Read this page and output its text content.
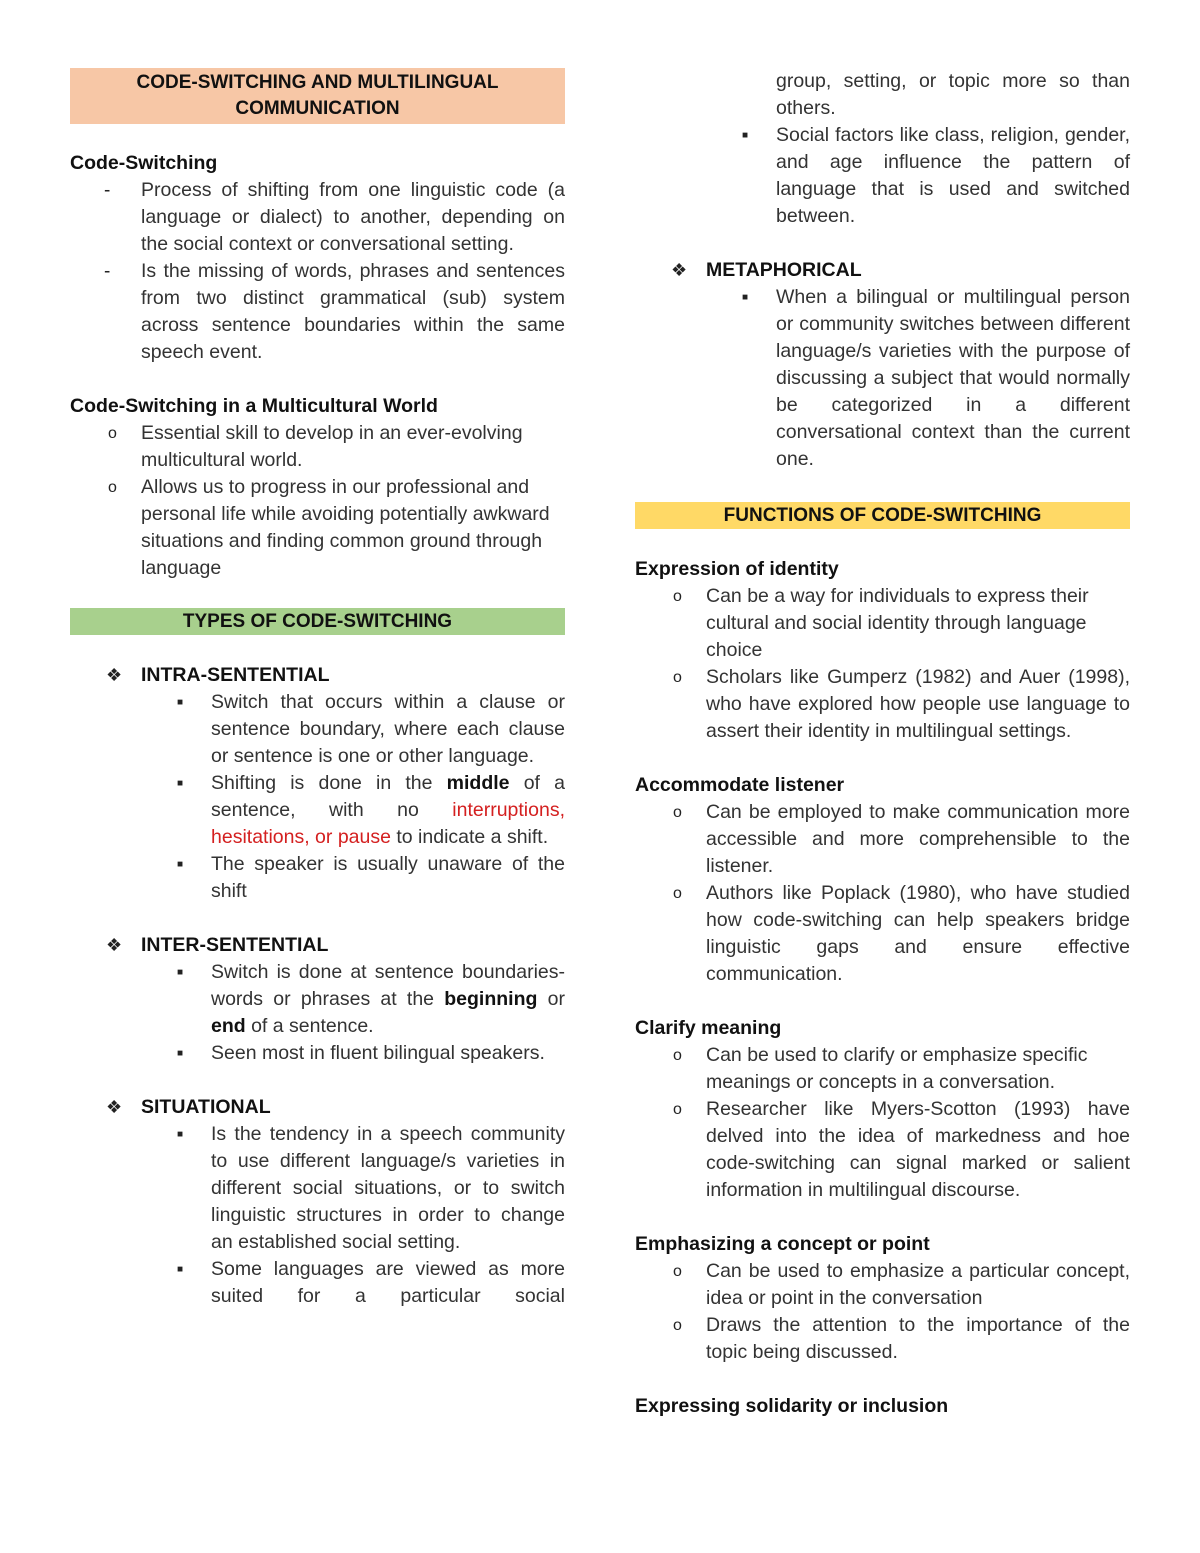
CODE-SWITCHING AND MULTILINGUAL
COMMUNICATION
Code-Switching
-	Process of shifting from one linguistic code (a language or dialect) to another, depending on the social context or conversational setting.
-	Is the missing of words, phrases and sentences from two distinct grammatical (sub) system across sentence boundaries within the same speech event.
Code-Switching in a Multicultural World
o	Essential skill to develop in an ever-evolving multicultural world.
o	Allows us to progress in our professional and personal life while avoiding potentially awkward situations and finding common ground through language
TYPES OF CODE-SWITCHING
❖ INTRA-SENTENTIAL
■	Switch that occurs within a clause or sentence boundary, where each clause or sentence is one or other language.
■	Shifting is done in the middle of a sentence, with no interruptions, hesitations, or pause to indicate a shift.
■	The speaker is usually unaware of the shift
❖ INTER-SENTENTIAL
■	Switch is done at sentence boundaries-words or phrases at the beginning or end of a sentence.
■	Seen most in fluent bilingual speakers.
❖ SITUATIONAL
■	Is the tendency in a speech community to use different language/s varieties in different social situations, or to switch linguistic structures in order to change an established social setting.
■	Some languages are viewed as more suited for a particular social
group, setting, or topic more so than others.
■	Social factors like class, religion, gender, and age influence the pattern of language that is used and switched between.
❖ METAPHORICAL
■	When a bilingual or multilingual person or community switches between different language/s varieties with the purpose of discussing a subject that would normally be categorized in a different conversational context than the current one.
FUNCTIONS OF CODE-SWITCHING
Expression of identity
o	Can be a way for individuals to express their cultural and social identity through language choice
o	Scholars like Gumperz (1982) and Auer (1998), who have explored how people use language to assert their identity in multilingual settings.
Accommodate listener
o	Can be employed to make communication more accessible and more comprehensible to the listener.
o	Authors like Poplack (1980), who have studied how code-switching can help speakers bridge linguistic gaps and ensure effective communication.
Clarify meaning
o	Can be used to clarify or emphasize specific meanings or concepts in a conversation.
o	Researcher like Myers-Scotton (1993) have delved into the idea of markedness and hoe code-switching can signal marked or salient information in multilingual discourse.
Emphasizing a concept or point
o	Can be used to emphasize a particular concept, idea or point in the conversation
o	Draws the attention to the importance of the topic being discussed.
Expressing solidarity or inclusion
